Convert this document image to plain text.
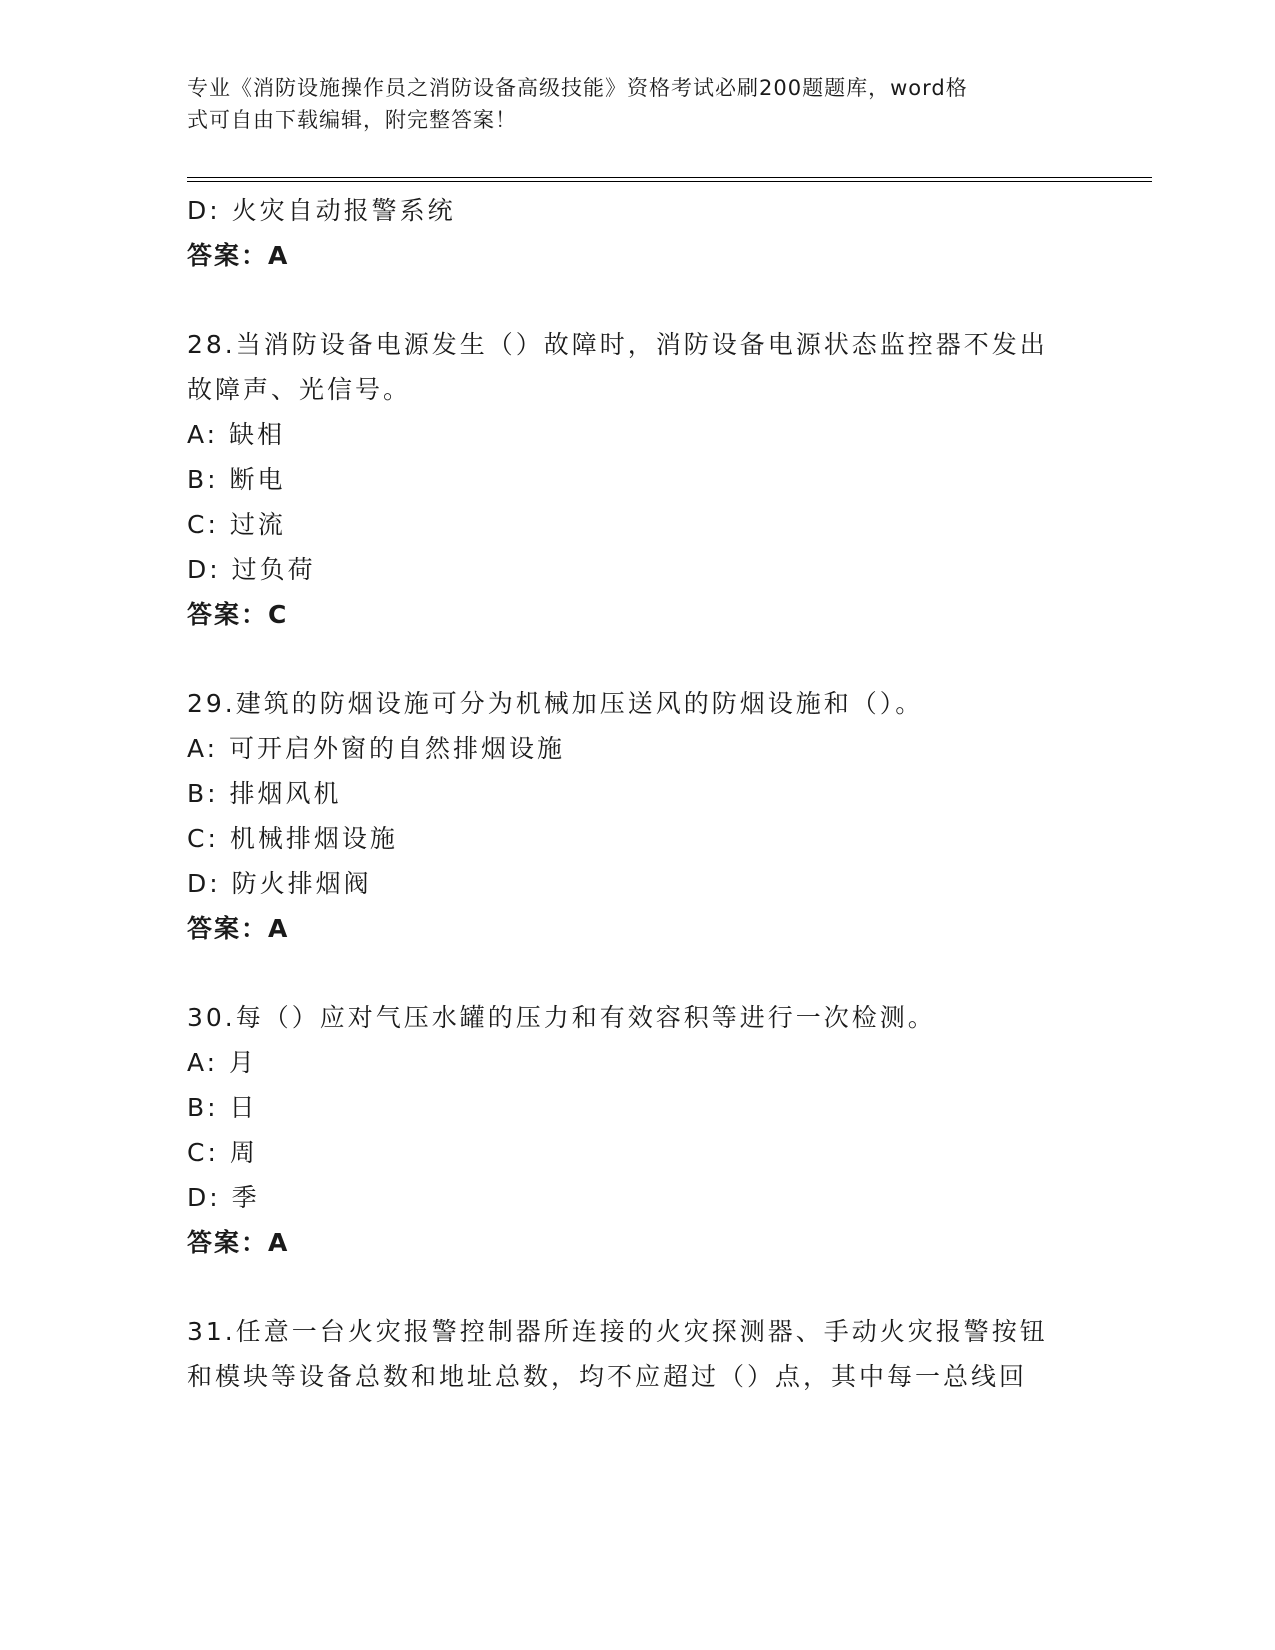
专业《消防设施操作员之消防设备高级技能》资格考试必刷200题题库，word格
式可自由下载编辑，附完整答案！
D: 火灾自动报警系统
答案：A
28.当消防设备电源发生（）故障时，消防设备电源状态监控器不发出
故障声、光信号。
A: 缺相
B: 断电
C: 过流
D: 过负荷
答案：C
29.建筑的防烟设施可分为机械加压送风的防烟设施和（）。
A: 可开启外窗的自然排烟设施
B: 排烟风机
C: 机械排烟设施
D: 防火排烟阀
答案：A
30.每（）应对气压水罐的压力和有效容积等进行一次检测。
A: 月
B: 日
C: 周
D: 季
答案：A
31.任意一台火灾报警控制器所连接的火灾探测器、手动火灾报警按钮
和模块等设备总数和地址总数，均不应超过（）点，其中每一总线回
